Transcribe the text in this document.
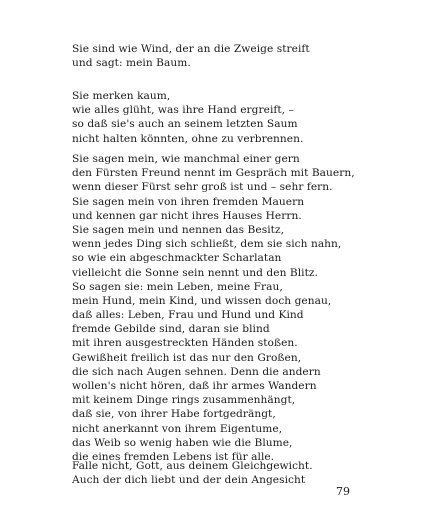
Sie sind wie Wind, der an die Zweige streift
und sagt: mein Baum.
Sie merken kaum,
wie alles glüht, was ihre Hand ergreift, –
so daß sie's auch an seinem letzten Saum
nicht halten könnten, ohne zu verbrennen.
Sie sagen mein, wie manchmal einer gern
den Fürsten Freund nennt im Gespräch mit Bauern,
wenn dieser Fürst sehr groß ist und – sehr fern.
Sie sagen mein von ihren fremden Mauern
und kennen gar nicht ihres Hauses Herrn.
Sie sagen mein und nennen das Besitz,
wenn jedes Ding sich schließt, dem sie sich nahn,
so wie ein abgeschmackter Scharlatan
vielleicht die Sonne sein nennt und den Blitz.
So sagen sie: mein Leben, meine Frau,
mein Hund, mein Kind, und wissen doch genau,
daß alles: Leben, Frau und Hund und Kind
fremde Gebilde sind, daran sie blind
mit ihren ausgestreckten Händen stoßen.
Gewißheit freilich ist das nur den Großen,
die sich nach Augen sehnen. Denn die andern
wollen's nicht hören, daß ihr armes Wandern
mit keinem Dinge rings zusammenhängt,
daß sie, von ihrer Habe fortgedrängt,
nicht anerkannt von ihrem Eigentume,
das Weib so wenig haben wie die Blume,
die eines fremden Lebens ist für alle.
Falle nicht, Gott, aus deinem Gleichgewicht.
Auch der dich liebt und der dein Angesicht
79
